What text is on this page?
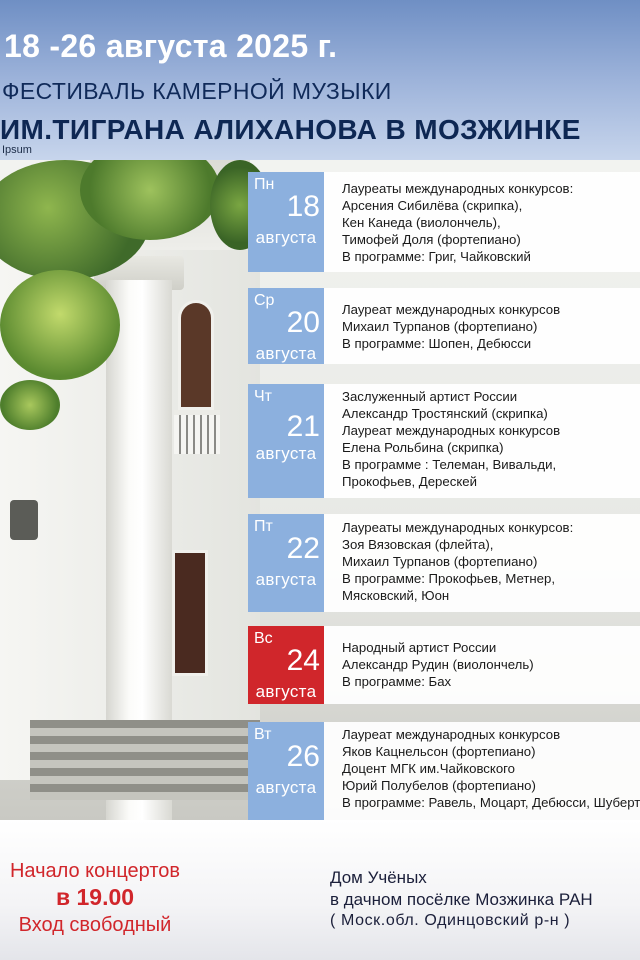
18 -26 августа 2025 г.
ФЕСТИВАЛЬ КАМЕРНОЙ МУЗЫКИ
ИМ.ТИГРАНА АЛИХАНОВА В МОЗЖИНКЕ
Ipsum
Пн
18
августа
Лауреаты международных конкурсов:
Арсения Сибилёва (скрипка),
Кен Канеда (виолончель),
Тимофей Доля (фортепиано)
В программе: Григ, Чайковский
Ср
20
августа
Лауреат международных конкурсов
Михаил Турпанов (фортепиано)
В программе: Шопен, Дебюсси
Чт
21
августа
Заслуженный артист России
Александр Тростянский (скрипка)
Лауреат международных конкурсов
Елена Рольбина (скрипка)
В программе : Телеман, Вивальди,
Прокофьев, Дерескей
Пт
22
августа
Лауреаты международных конкурсов:
Зоя Вязовская (флейта),
Михаил Турпанов (фортепиано)
В программе: Прокофьев, Метнер,
Мясковский, Юон
Вс
24
августа
Народный артист России
Александр Рудин (виолончель)
В программе: Бах
Вт
26
августа
Лауреат международных конкурсов
Яков Кацнельсон (фортепиано)
Доцент МГК им.Чайковского
Юрий Полубелов (фортепиано)
В программе: Равель, Моцарт, Дебюсси, Шуберт
Начало концертов
в 19.00
Вход свободный
Дом Учёных
в дачном посёлке Мозжинка РАН
( Моск.обл. Одинцовский р-н )
